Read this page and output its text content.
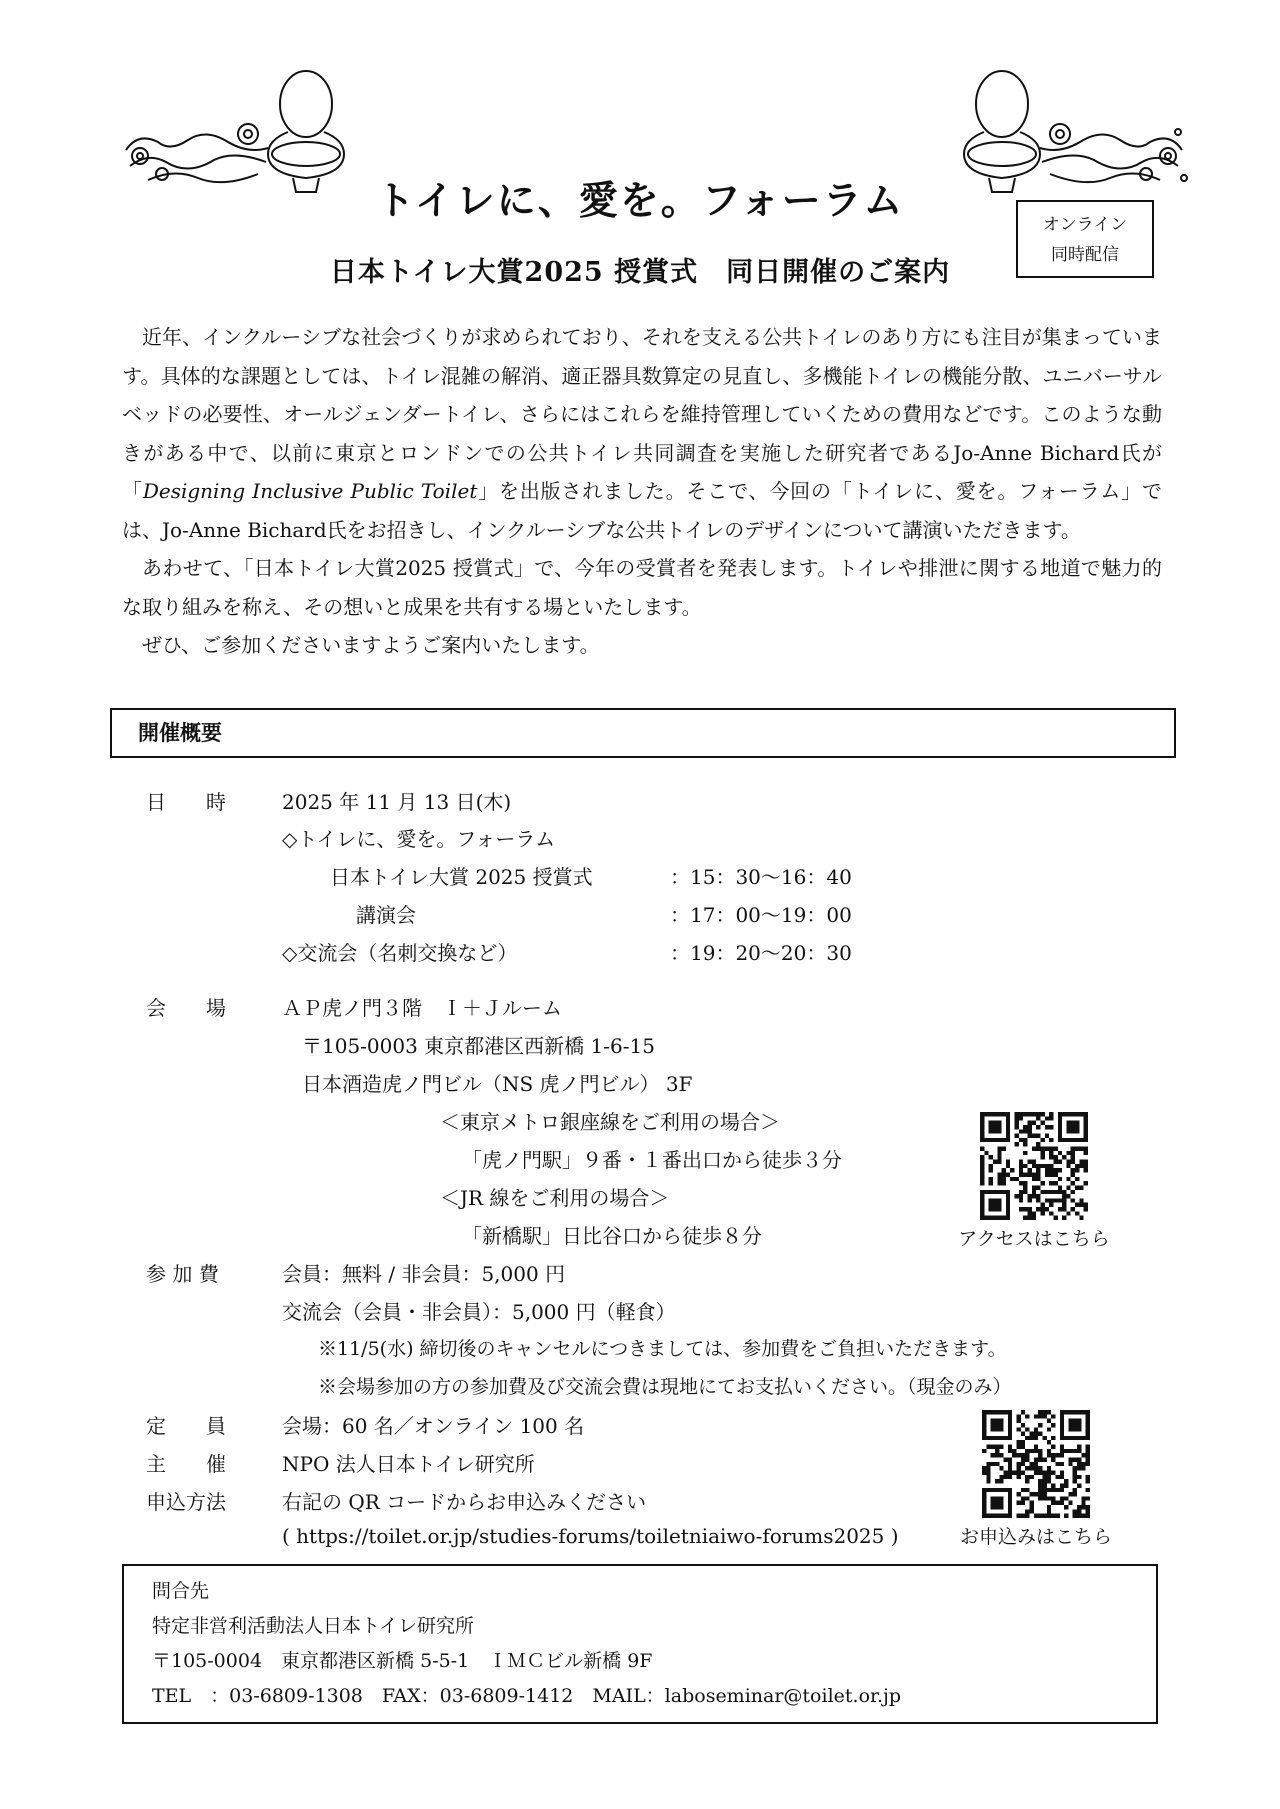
トイレに、愛を。フォーラム
日本トイレ大賞2025 授賞式　同日開催のご案内
オンライン
同時配信

近年、インクルーシブな社会づくりが求められており、それを支える公共トイレのあり方にも注目が集まっています。具体的な課題としては、トイレ混雑の解消、適正器具数算定の見直し、多機能トイレの機能分散、ユニバーサルベッドの必要性、オールジェンダートイレ、さらにはこれらを維持管理していくための費用などです。このような動きがある中で、以前に東京とロンドンでの公共トイレ共同調査を実施した研究者であるJo-Anne Bichard氏が「Designing Inclusive Public Toilet」を出版されました。そこで、今回の「トイレに、愛を。フォーラム」では、Jo-Anne Bichard氏をお招きし、インクルーシブな公共トイレのデザインについて講演いただきます。

あわせて、「日本トイレ大賞2025 授賞式」で、今年の受賞者を発表します。トイレや排泄に関する地道で魅力的な取り組みを称え、その想いと成果を共有する場といたします。

ぜひ、ご参加くださいますようご案内いたします。

開催概要
日　　時	2025 年 11 月 13 日(木)
◇トイレに、愛を。フォーラム
日本トイレ大賞 2025 授賞式	：15：30～16：40
講演会	：17：00～19：00
◇交流会（名刺交換など）	：19：20～20：30
会　　場	ＡＰ虎ノ門３階　Ｉ＋Ｊルーム
〒105-0003 東京都港区西新橋 1-6-15
日本酒造虎ノ門ビル（NS 虎ノ門ビル） 3F
＜東京メトロ銀座線をご利用の場合＞
「虎ノ門駅」９番・１番出口から徒歩３分
＜JR 線をご利用の場合＞
「新橋駅」日比谷口から徒歩８分	アクセスはこちら
参 加 費	会員：無料 / 非会員：5,000 円
交流会（会員・非会員）：5,000 円（軽食）
※11/5(水) 締切後のキャンセルにつきましては、参加費をご負担いただきます。
※会場参加の方の参加費及び交流会費は現地にてお支払いください。（現金のみ）
定　　員	会場：60 名／オンライン 100 名
主　　催	NPO 法人日本トイレ研究所
申込方法	右記の QR コードからお申込みください
( https://toilet.or.jp/studies-forums/toiletniaiwo-forums2025 )	お申込みはこちら
問合先
特定非営利活動法人日本トイレ研究所
〒105-0004　東京都港区新橋 5-5-1　ＩＭＣビル新橋 9F
TEL　：03-6809-1308　FAX：03-6809-1412　MAIL：laboseminar@toilet.or.jp
